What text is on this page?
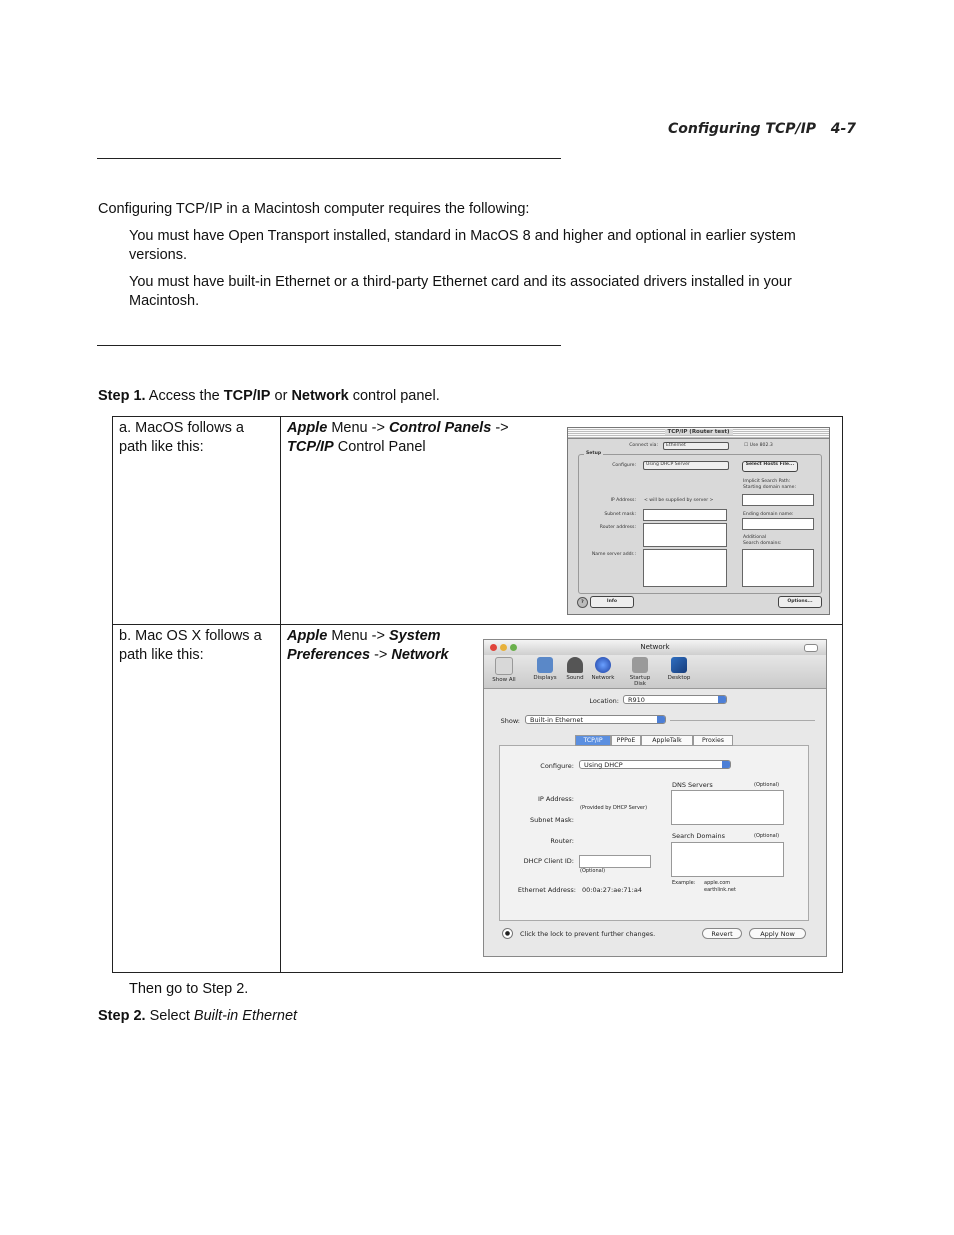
Configuring TCP/IP 4-7
Configuring TCP/IP in a Macintosh computer requires the following:
You must have Open Transport installed, standard in MacOS 8 and higher and optional in earlier system versions.
You must have built-in Ethernet or a third-party Ethernet card and its associated drivers installed in your Macintosh.
Step 1. Access the TCP/IP or Network control panel.
a. MacOS follows a path like this:	Apple Menu -> Control Panels -> TCP/IP Control Panel

b. Mac OS X follows a path like this:	Apple Menu -> System
Preferences -> Network
TCP/IP (Router test)
Connect via:	Ethernet	☐ Use 802.3
Setup
Configure:	Using DHCP Server	Select Hosts File...
Implicit Search Path:
Starting domain name:
IP Address: < will be supplied by server >
Subnet mask:	Ending domain name:
Router address:
Additional
Search domains:
Name server addr.:
?	Info	Options...
Network
Show All	Displays	Sound	Network	Startup Disk
Desktop
Location:	R910
Show:	Built-in Ethernet
TCP/IP	PPPoE	AppleTalk	Proxies
Configure:	Using DHCP
DNS Servers	(Optional)
IP Address:
(Provided by DHCP Server)
Subnet Mask:
Router:
Search Domains	(Optional)
DHCP Client ID:
(Optional)
Ethernet Address: 00:0a:27:ae:71:a4
Example: apple.com
earthlink.net
●	Click the lock to prevent further changes.	Revert	Apply Now
Then go to Step 2.
Step 2. Select Built-in Ethernet
